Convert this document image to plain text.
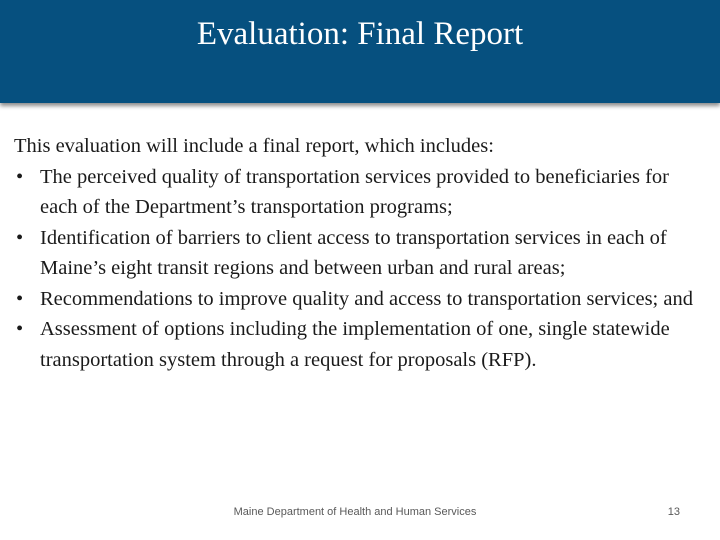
Evaluation: Final Report

This evaluation will include a final report, which includes:

• The perceived quality of transportation services provided to beneficiaries for each of the Department’s transportation programs;
• Identification of barriers to client access to transportation services in each of Maine’s eight transit regions and between urban and rural areas;
• Recommendations to improve quality and access to transportation services; and
• Assessment of options including the implementation of one, single statewide transportation system through a request for proposals (RFP).
Maine Department of Health and Human Services	13
